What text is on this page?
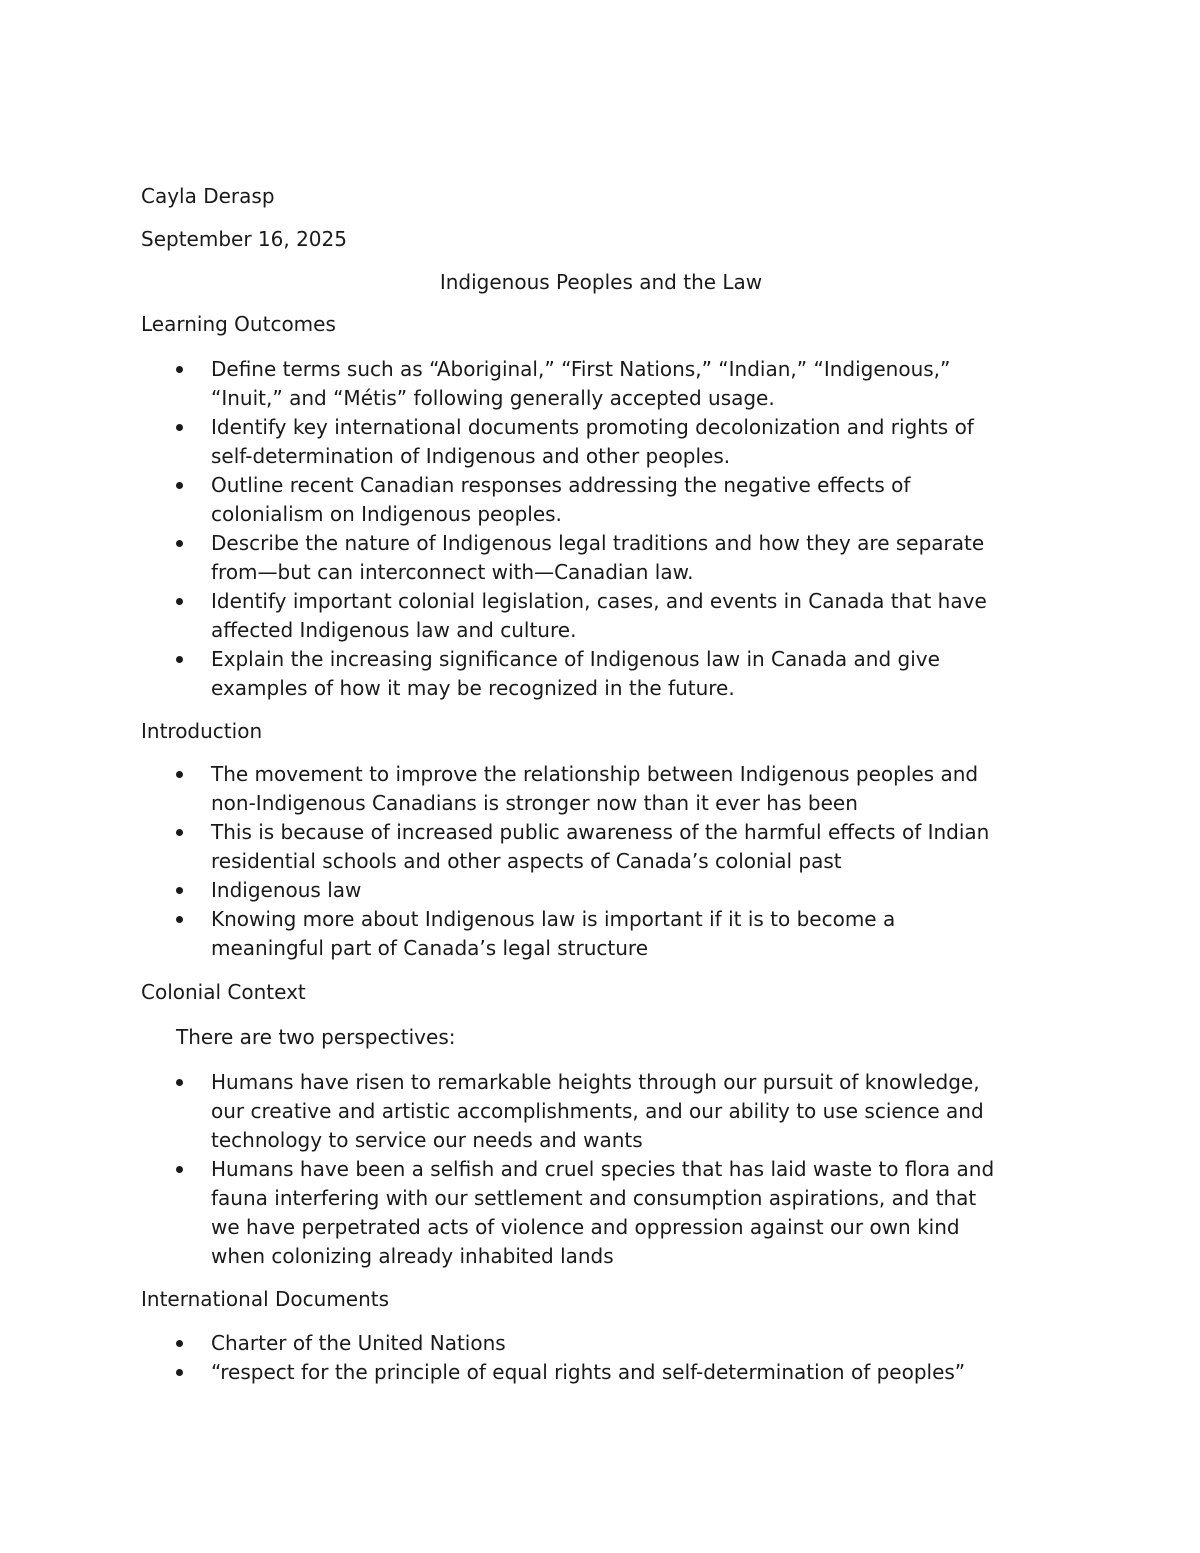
Cayla Derasp
September 16, 2025
Indigenous Peoples and the Law
Learning Outcomes
Define terms such as “Aboriginal,” “First Nations,” “Indian,” “Indigenous,”
“Inuit,” and “Métis” following generally accepted usage.
Identify key international documents promoting decolonization and rights of
self-determination of Indigenous and other peoples.
Outline recent Canadian responses addressing the negative effects of
colonialism on Indigenous peoples.
Describe the nature of Indigenous legal traditions and how they are separate
from—but can interconnect with—Canadian law.
Identify important colonial legislation, cases, and events in Canada that have
affected Indigenous law and culture.
Explain the increasing significance of Indigenous law in Canada and give
examples of how it may be recognized in the future.
Introduction
The movement to improve the relationship between Indigenous peoples and
non-Indigenous Canadians is stronger now than it ever has been
This is because of increased public awareness of the harmful effects of Indian
residential schools and other aspects of Canada’s colonial past
Indigenous law
Knowing more about Indigenous law is important if it is to become a
meaningful part of Canada’s legal structure
Colonial Context
There are two perspectives:
Humans have risen to remarkable heights through our pursuit of knowledge,
our creative and artistic accomplishments, and our ability to use science and
technology to service our needs and wants
Humans have been a selfish and cruel species that has laid waste to flora and
fauna interfering with our settlement and consumption aspirations, and that
we have perpetrated acts of violence and oppression against our own kind
when colonizing already inhabited lands
International Documents
Charter of the United Nations
“respect for the principle of equal rights and self-determination of peoples”
